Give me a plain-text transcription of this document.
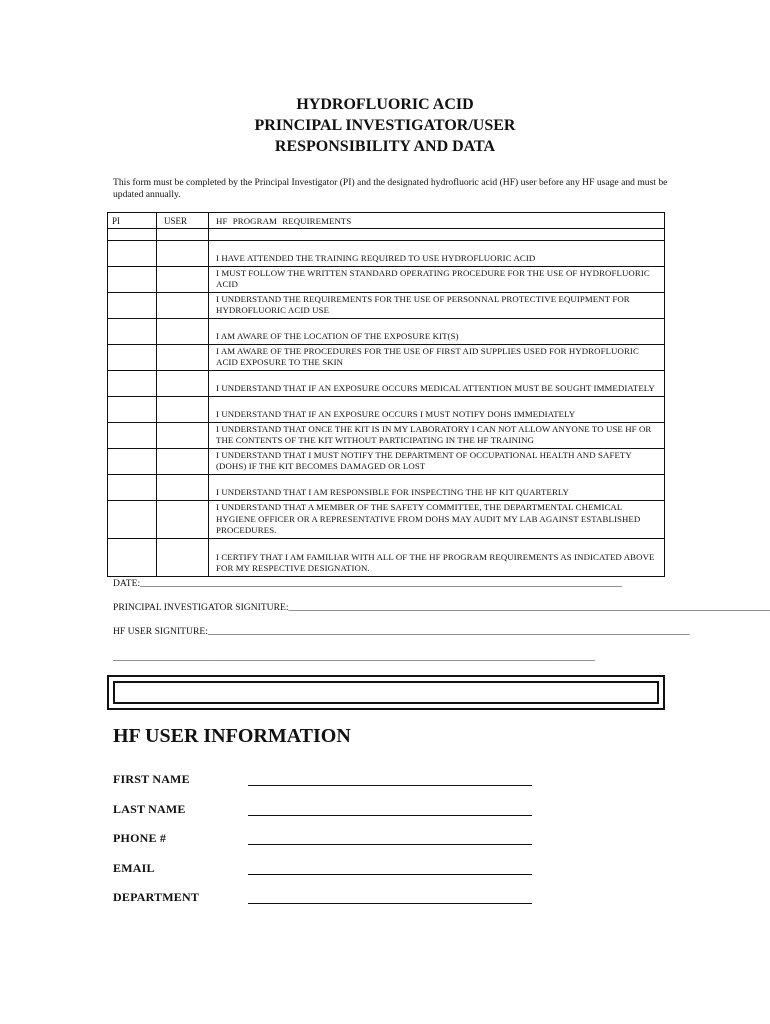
HYDROFLUORIC ACID
PRINCIPAL INVESTIGATOR/USER
RESPONSIBILITY AND DATA
This form must be completed by the Principal Investigator (PI) and the designated hydrofluoric acid (HF) user before any HF usage and must be updated annually.
PI	USER	HF PROGRAM REQUIREMENTS
I HAVE ATTENDED THE TRAINING REQUIRED TO USE HYDROFLUORIC ACID
I MUST FOLLOW THE WRITTEN STANDARD OPERATING PROCEDURE FOR THE USE OF HYDROFLUORIC ACID
I UNDERSTAND THE REQUIREMENTS FOR THE USE OF PERSONNAL PROTECTIVE EQUIPMENT FOR HYDROFLUORIC ACID USE
I AM AWARE OF THE LOCATION OF THE EXPOSURE KIT(S)
I AM AWARE OF THE PROCEDURES FOR THE USE OF FIRST AID SUPPLIES USED FOR HYDROFLUORIC ACID EXPOSURE TO THE SKIN
I UNDERSTAND THAT IF AN EXPOSURE OCCURS MEDICAL ATTENTION MUST BE SOUGHT IMMEDIATELY
I UNDERSTAND THAT IF AN EXPOSURE OCCURS I MUST NOTIFY DOHS IMMEDIATELY
I UNDERSTAND THAT ONCE THE KIT IS IN MY LABORATORY I CAN NOT ALLOW ANYONE TO USE HF OR THE CONTENTS OF THE KIT WITHOUT PARTICIPATING IN THE HF TRAINING
I UNDERSTAND THAT I MUST NOTIFY THE DEPARTMENT OF OCCUPATIONAL HEALTH AND SAFETY (DOHS) IF THE KIT BECOMES DAMAGED OR LOST
I UNDERSTAND THAT I AM RESPONSIBLE FOR INSPECTING THE HF KIT QUARTERLY
I UNDERSTAND THAT A MEMBER OF THE SAFETY COMMITTEE, THE DEPARTMENTAL CHEMICAL HYGIENE OFFICER OR A REPRESENTATIVE FROM DOHS MAY AUDIT MY LAB AGAINST ESTABLISHED PROCEDURES.
I CERTIFY THAT I AM FAMILIAR WITH ALL OF THE HF PROGRAM REQUIREMENTS AS INDICATED ABOVE FOR MY RESPECTIVE DESIGNATION.
DATE:________________________________________________________________________________________________________________
PRINCIPAL INVESTIGATOR SIGNITURE:________________________________________________________________________________________________________________
HF USER SIGNITURE:________________________________________________________________________________________________________________
________________________________________________________________________________________________________________
HF USER INFORMATION
FIRST NAME
LAST NAME
PHONE #
EMAIL
DEPARTMENT
